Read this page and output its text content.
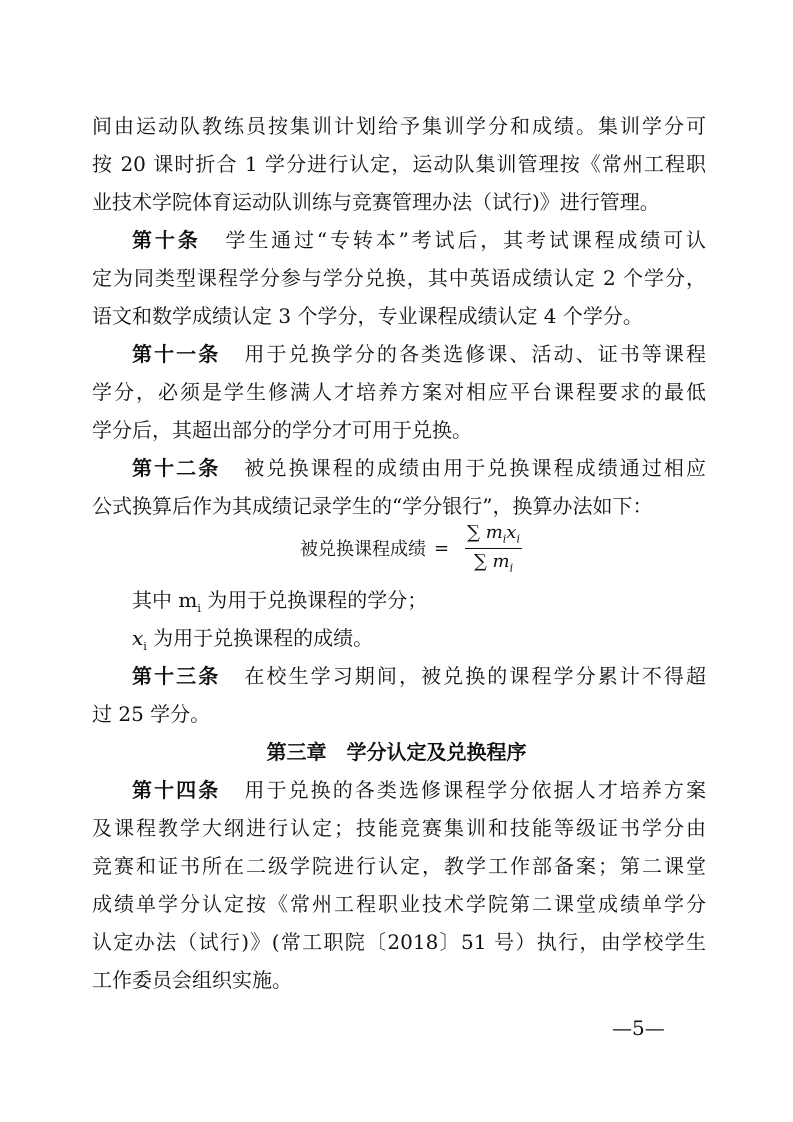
间由运动队教练员按集训计划给予集训学分和成绩。集训学分可
按 20 课时折合 1 学分进行认定，运动队集训管理按《常州工程职
业技术学院体育运动队训练与竞赛管理办法（试行)》进行管理。
第十条 学生通过“专转本”考试后，其考试课程成绩可认
定为同类型课程学分参与学分兑换，其中英语成绩认定 2 个学分，
语文和数学成绩认定 3 个学分，专业课程成绩认定 4 个学分。
第十一条 用于兑换学分的各类选修课、活动、证书等课程
学分，必须是学生修满人才培养方案对相应平台课程要求的最低
学分后，其超出部分的学分才可用于兑换。
第十二条 被兑换课程的成绩由用于兑换课程成绩通过相应
公式换算后作为其成绩记录学生的“学分银行”，换算办法如下：
被兑换课程成绩 = $\frac{\sum m_ix_i}{\sum m_i}$
其中 $m_i$ 为用于兑换课程的学分；
$x_i$ 为用于兑换课程的成绩。
第十三条 在校生学习期间，被兑换的课程学分累计不得超
过 25 学分。
第三章　学分认定及兑换程序
第十四条 用于兑换的各类选修课程学分依据人才培养方案
及课程教学大纲进行认定；技能竞赛集训和技能等级证书学分由
竞赛和证书所在二级学院进行认定，教学工作部备案；第二课堂
成绩单学分认定按《常州工程职业技术学院第二课堂成绩单学分
认定办法（试行)》(常工职院〔2018〕51 号）执行，由学校学生
工作委员会组织实施。
—5—
